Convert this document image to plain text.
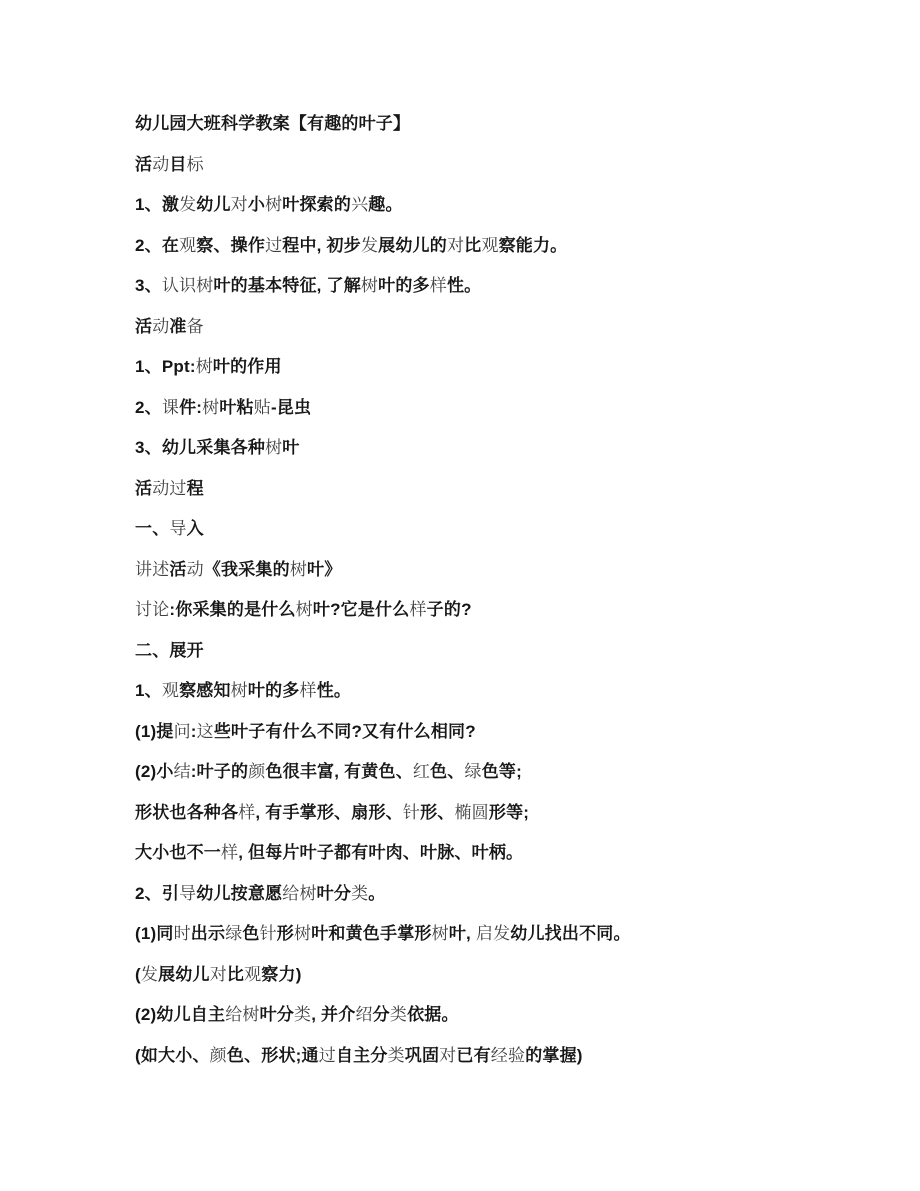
幼儿园大班科学教案【有趣的叶子】
活动目标
1、激发幼儿对小树叶探索的兴趣。
2、在观察、操作过程中, 初步发展幼儿的对比观察能力。
3、认识树叶的基本特征, 了解树叶的多样性。
活动准备
1、Ppt:树叶的作用
2、课件:树叶粘贴-昆虫
3、幼儿采集各种树叶
活动过程
一、导入
讲述活动《我采集的树叶》
讨论:你采集的是什么树叶?它是什么样子的?
二、展开
1、观察感知树叶的多样性。
(1)提问:这些叶子有什么不同?又有什么相同?
(2)小结:叶子的颜色很丰富, 有黄色、红色、绿色等;
形状也各种各样, 有手掌形、扇形、针形、椭圆形等;
大小也不一样, 但每片叶子都有叶肉、叶脉、叶柄。
2、引导幼儿按意愿给树叶分类。
(1)同时出示绿色针形树叶和黄色手掌形树叶, 启发幼儿找出不同。
(发展幼儿对比观察力)
(2)幼儿自主给树叶分类, 并介绍分类依据。
(如大小、颜色、形状;通过自主分类巩固对已有经验的掌握)
